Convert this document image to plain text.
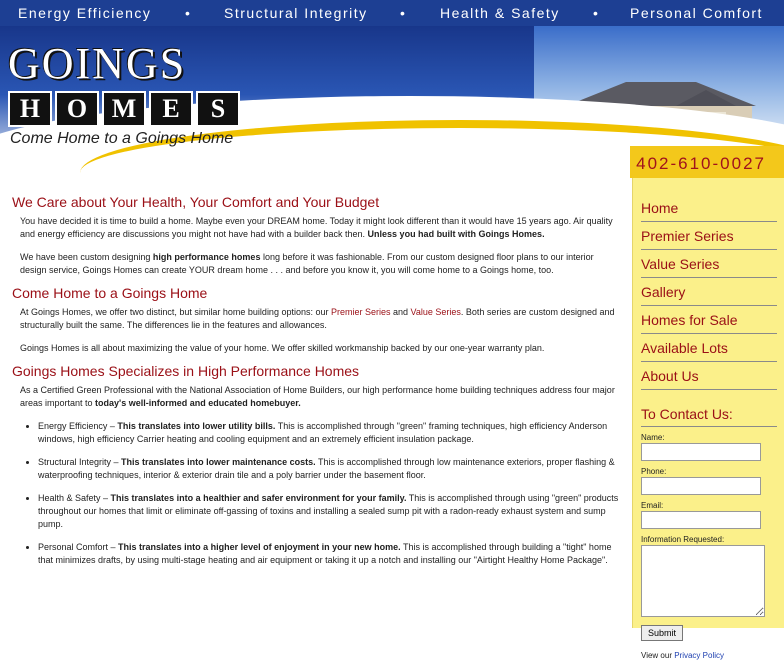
Energy Efficiency • Structural Integrity • Health & Safety • Personal Comfort
GOINGS
H	O M	E	S
Come Home to a Goings Home
402-610-0027
Home
Premier Series
Value Series
Gallery
Homes for Sale
Available Lots
About Us
To Contact Us:
Name:
Phone:
Email:
Information Requested:
Submit
View our Privacy Policy
We Care about Your Health, Your Comfort and Your Budget

You have decided it is time to build a home. Maybe even your DREAM home. Today it might look different than it would have 15 years ago. Air quality and energy efficiency are discussions you might not have had with a builder back then. Unless you had built with Goings Homes.

We have been custom designing high performance homes long before it was fashionable. From our custom designed floor plans to our interior design service, Goings Homes can create YOUR dream home . . . and before you know it, you will come home to a Goings home, too.

Come Home to a Goings Home

At Goings Homes, we offer two distinct, but similar home building options: our Premier Series and Value Series. Both series are custom designed and structurally built the same. The differences lie in the features and allowances.

Goings Homes is all about maximizing the value of your home. We offer skilled workmanship backed by our one-year warranty plan.

Goings Homes Specializes in High Performance Homes

As a Certified Green Professional with the National Association of Home Builders, our high performance home building techniques address four major areas important to today's well-informed and educated homebuyer.

• Energy Efficiency – This translates into lower utility bills. This is accomplished through "green" framing techniques, high efficiency Anderson windows, high efficiency Carrier heating and cooling equipment and an extremely efficient insulation package.
• Structural Integrity – This translates into lower maintenance costs. This is accomplished through low maintenance exteriors, proper flashing & waterproofing techniques, interior & exterior drain tile and a poly barrier under the basement floor.
• Health & Safety – This translates into a healthier and safer environment for your family. This is accomplished through using "green" products throughout our homes that limit or eliminate off-gassing of toxins and installing a sealed sump pit with a radon-ready exhaust system and sump pump.
• Personal Comfort – This translates into a higher level of enjoyment in your new home. This is accomplished through building a "tight" home that minimizes drafts, by using multi-stage heating and air equipment or taking it up a notch and installing our "Airtight Healthy Home Package".
